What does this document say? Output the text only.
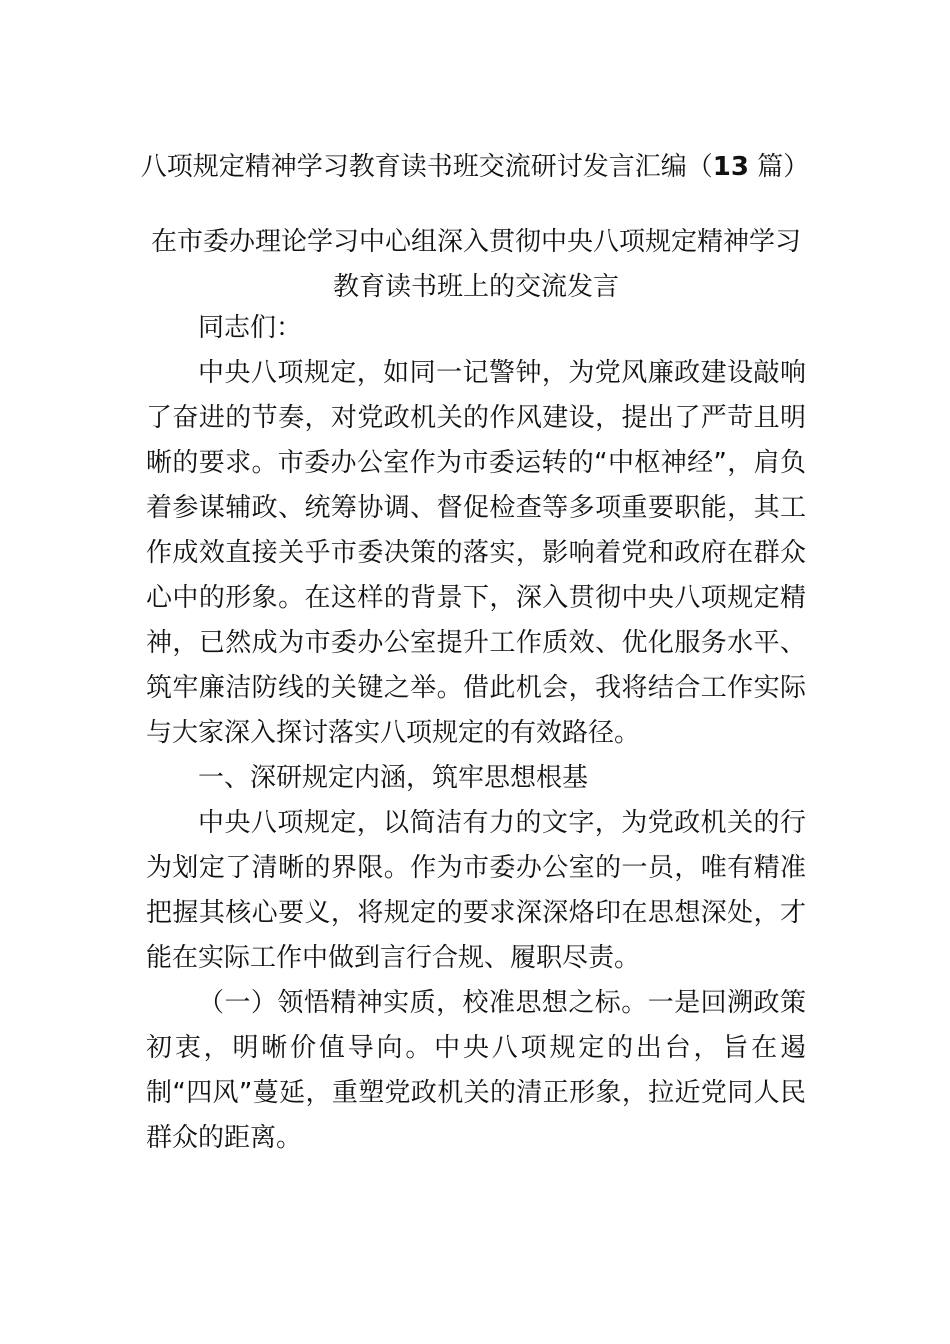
八项规定精神学习教育读书班交流研讨发言汇编（13 篇）
在市委办理论学习中心组深入贯彻中央八项规定精神学习
教育读书班上的交流发言

同志们：

中央八项规定，如同一记警钟，为党风廉政建设敲响了奋进的节奏，对党政机关的作风建设，提出了严苛且明晰的要求。市委办公室作为市委运转的“中枢神经”，肩负着参谋辅政、统筹协调、督促检查等多项重要职能，其工作成效直接关乎市委决策的落实，影响着党和政府在群众心中的形象。在这样的背景下，深入贯彻中央八项规定精神，已然成为市委办公室提升工作质效、优化服务水平、筑牢廉洁防线的关键之举。借此机会，我将结合工作实际与大家深入探讨落实八项规定的有效路径。

一、深研规定内涵，筑牢思想根基

中央八项规定，以简洁有力的文字，为党政机关的行为划定了清晰的界限。作为市委办公室的一员，唯有精准把握其核心要义，将规定的要求深深烙印在思想深处，才能在实际工作中做到言行合规、履职尽责。

（一）领悟精神实质，校准思想之标。一是回溯政策初衷，明晰价值导向。中央八项规定的出台，旨在遏制“四风”蔓延，重塑党政机关的清正形象，拉近党同人民群众的距离。
